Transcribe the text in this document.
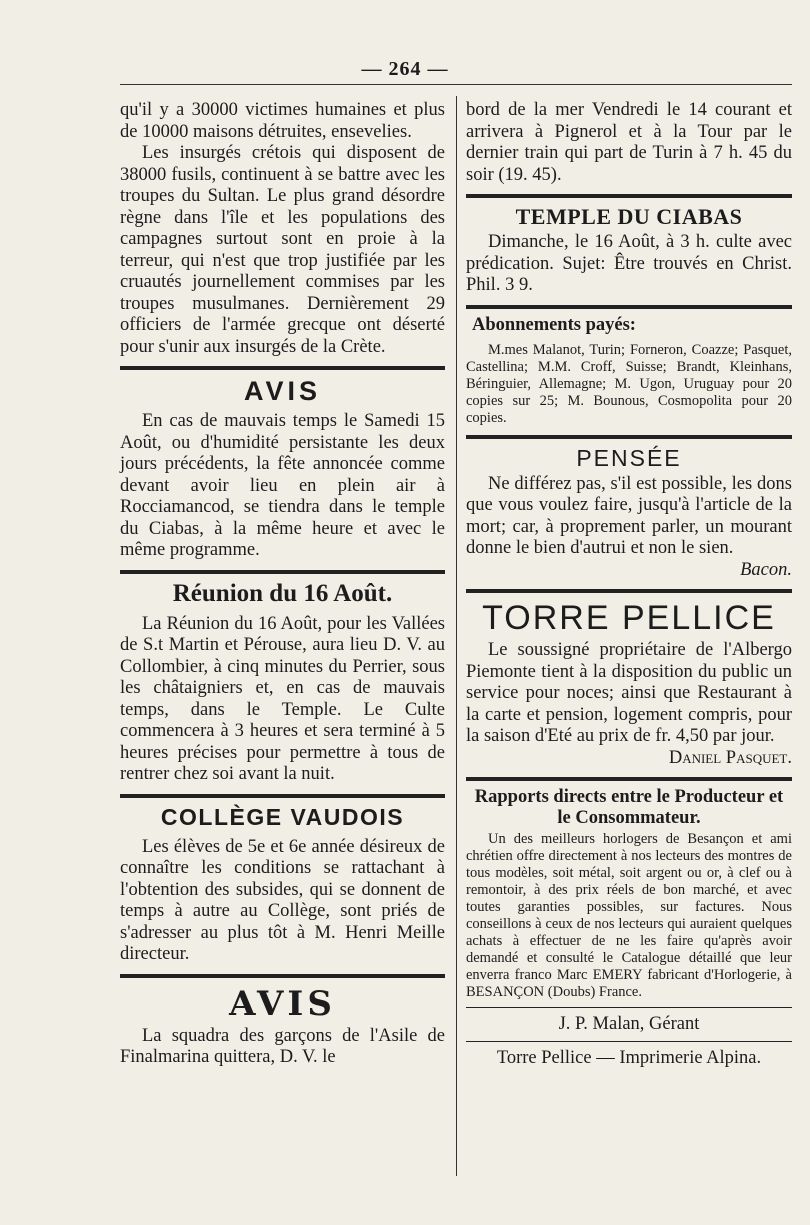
— 264 —

qu'il y a 30000 victimes humaines et plus de 10000 maisons détruites, ensevelies.

Les insurgés crétois qui disposent de 38000 fusils, continuent à se battre avec les troupes du Sultan. Le plus grand désordre règne dans l'île et les populations des campagnes surtout sont en proie à la terreur, qui n'est que trop justifiée par les cruautés journellement commises par les troupes musulmanes. Dernièrement 29 officiers de l'armée grecque ont déserté pour s'unir aux insurgés de la Crète.

AVIS

En cas de mauvais temps le Samedi 15 Août, ou d'humidité persistante les deux jours précédents, la fête annoncée comme devant avoir lieu en plein air à Rocciamancod, se tiendra dans le temple du Ciabas, à la même heure et avec le même programme.

Réunion du 16 Août.

La Réunion du 16 Août, pour les Vallées de S.t Martin et Pérouse, aura lieu D. V. au Collombier, à cinq minutes du Perrier, sous les châtaigniers et, en cas de mauvais temps, dans le Temple. Le Culte commencera à 3 heures et sera terminé à 5 heures précises pour permettre à tous de rentrer chez soi avant la nuit.

COLLÈGE VAUDOIS

Les élèves de 5e et 6e année désireux de connaître les conditions se rattachant à l'obtention des subsides, qui se donnent de temps à autre au Collège, sont priés de s'adresser au plus tôt à M. Henri Meille directeur.

AVIS

La squadra des garçons de l'Asile de Finalmarina quittera, D. V. le

bord de la mer Vendredi le 14 courant et arrivera à Pignerol et à la Tour par le dernier train qui part de Turin à 7 h. 45 du soir (19. 45).

TEMPLE DU CIABAS

Dimanche, le 16 Août, à 3 h. culte avec prédication. Sujet: Être trouvés en Christ. Phil. 3 9.

Abonnements payés:

M.mes Malanot, Turin; Forneron, Coazze; Pasquet, Castellina; M.M. Croff, Suisse; Brandt, Kleinhans, Béringuier, Allemagne; M. Ugon, Uruguay pour 20 copies sur 25; M. Bounous, Cosmopolita pour 20 copies.

PENSÉE

Ne différez pas, s'il est possible, les dons que vous voulez faire, jusqu'à l'article de la mort; car, à proprement parler, un mourant donne le bien d'autrui et non le sien.

Bacon.

TORRE PELLICE

Le soussigné propriétaire de l'Albergo Piemonte tient à la disposition du public un service pour noces; ainsi que Restaurant à la carte et pension, logement compris, pour la saison d'Eté au prix de fr. 4,50 par jour.

Daniel Pasquet.

Rapports directs entre le Producteur et le Consommateur.

Un des meilleurs horlogers de Besançon et ami chrétien offre directement à nos lecteurs des montres de tous modèles, soit métal, soit argent ou or, à clef ou à remontoir, à des prix réels de bon marché, et avec toutes garanties possibles, sur factures. Nous conseillons à ceux de nos lecteurs qui auraient quelques achats à effectuer de ne les faire qu'après avoir demandé et consulté le Catalogue détaillé que leur enverra franco Marc EMERY fabricant d'Horlogerie, à BESANÇON (Doubs) France.

J. P. Malan, Gérant
Torre Pellice — Imprimerie Alpina.
